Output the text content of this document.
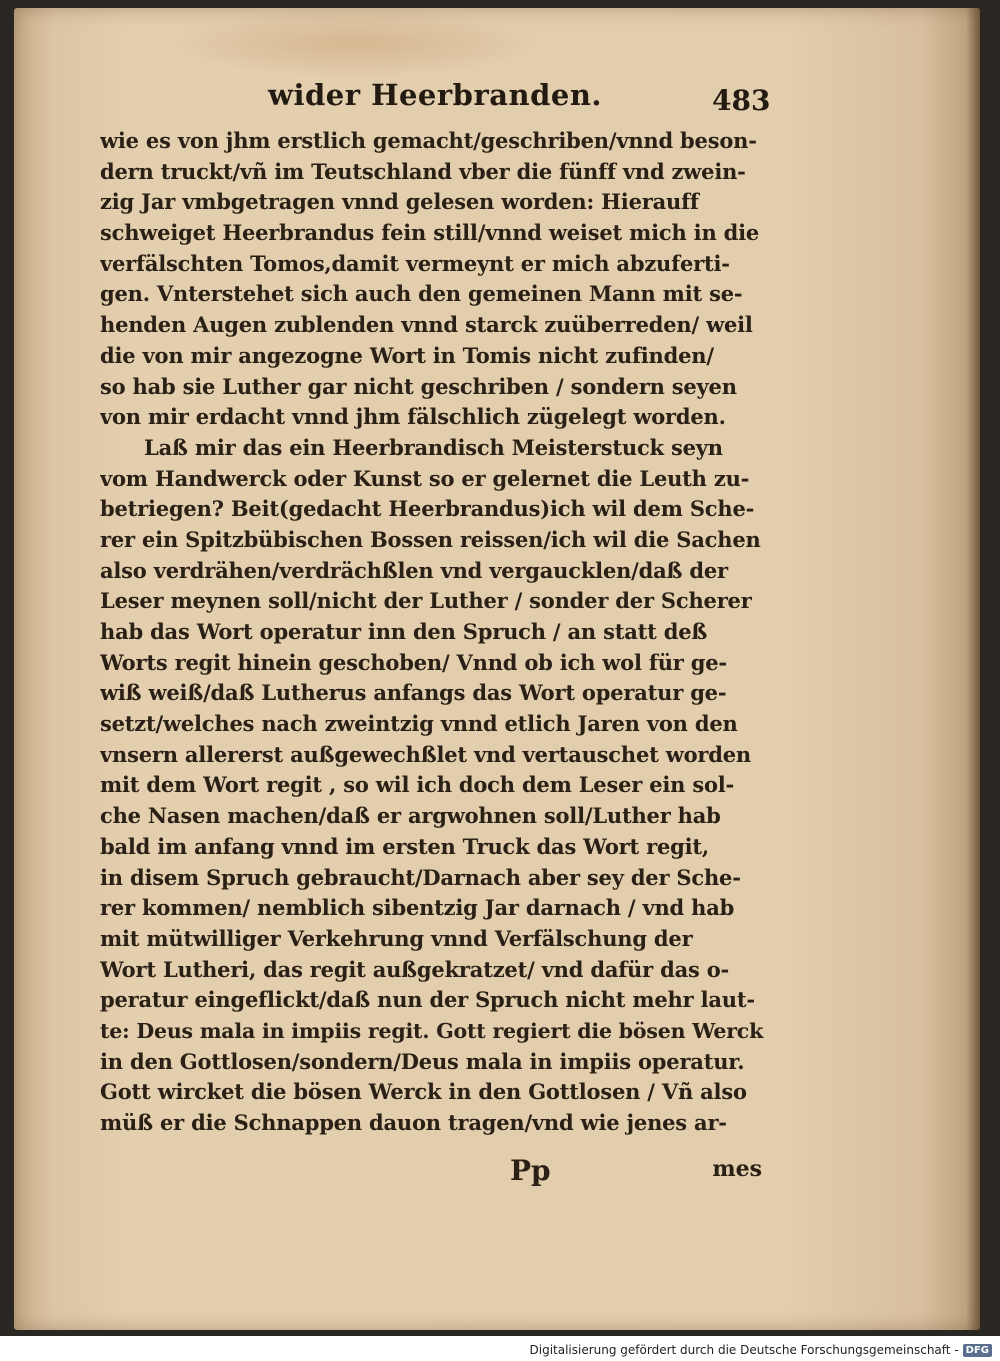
wider Heerbranden.	483
wie es von jhm erstlich gemacht/geschriben/vnnd beson-
dern truckt/vñ im Teutschland vber die fünff vnd zwein-
zig Jar vmbgetragen vnnd gelesen worden: Hierauff
schweiget Heerbrandus fein still/vnnd weiset mich in die
verfälschten Tomos,damit vermeynt er mich abzuferti-
gen. Vnterstehet sich auch den gemeinen Mann mit se-
henden Augen zublenden vnnd starck zuüberreden/ weil
die von mir angezogne Wort in Tomis nicht zufinden/
so hab sie Luther gar nicht geschriben / sondern seyen
von mir erdacht vnnd jhm fälschlich zügelegt worden.
Laß mir das ein Heerbrandisch Meisterstuck seyn
vom Handwerck oder Kunst so er gelernet die Leuth zu-
betriegen? Beit(gedacht Heerbrandus)ich wil dem Sche-
rer ein Spitzbübischen Bossen reissen/ich wil die Sachen
also verdrähen/verdrächßlen vnd vergaucklen/daß der
Leser meynen soll/nicht der Luther / sonder der Scherer
hab das Wort operatur inn den Spruch / an statt deß
Worts regit hinein geschoben/ Vnnd ob ich wol für ge-
wiß weiß/daß Lutherus anfangs das Wort operatur ge-
setzt/welches nach zweintzig vnnd etlich Jaren von den
vnsern allererst außgewechßlet vnd vertauschet worden
mit dem Wort regit , so wil ich doch dem Leser ein sol-
che Nasen machen/daß er argwohnen soll/Luther hab
bald im anfang vnnd im ersten Truck das Wort regit,
in disem Spruch gebraucht/Darnach aber sey der Sche-
rer kommen/ nemblich sibentzig Jar darnach / vnd hab
mit mütwilliger Verkehrung vnnd Verfälschung der
Wort Lutheri, das regit außgekratzet/ vnd dafür das o-
peratur eingeflickt/daß nun der Spruch nicht mehr laut-
te: Deus mala in impiis regit. Gott regiert die bösen Werck
in den Gottlosen/sondern/Deus mala in impiis operatur.
Gott wircket die bösen Werck in den Gottlosen / Vñ also
müß er die Schnappen dauon tragen/vnd wie jenes ar-
Pp	mes
Digitalisierung gefördert durch die Deutsche Forschungsgemeinschaft - DFG
